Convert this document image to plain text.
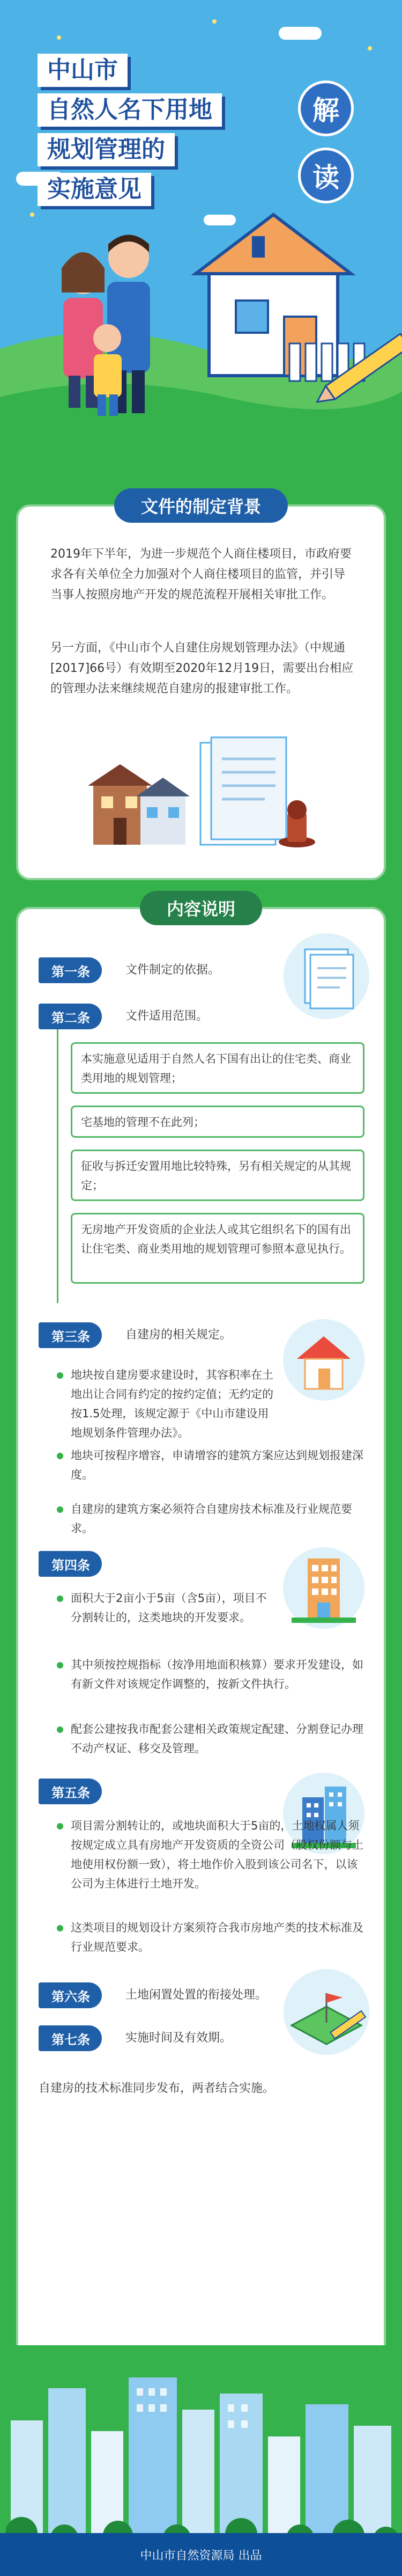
中山市
自然人名下用地
规划管理的
实施意见
解
读
文件的制定背景
2019年下半年，为进一步规范个人商住楼项目，市政府要求各有关单位全力加强对个人商住楼项目的监管，并引导当事人按照房地产开发的规范流程开展相关审批工作。
另一方面，《中山市个人自建住房规划管理办法》（中规通[2017]66号）有效期至2020年12月19日，需要出台相应的管理办法来继续规范自建房的报建审批工作。
内容说明
第一条	文件制定的依据。
第二条	文件适用范围。
本实施意见适用于自然人名下国有出让的住宅类、商业类用地的规划管理；
宅基地的管理不在此列；
征收与拆迁安置用地比较特殊，另有相关规定的从其规定；
无房地产开发资质的企业法人或其它组织名下的国有出让住宅类、商业类用地的规划管理可参照本意见执行。
第三条	自建房的相关规定。
地块按自建房要求建设时，其容积率在土地出让合同有约定的按约定值；无约定的按1.5处理，该规定源于《中山市建设用地规划条件管理办法》。
地块可按程序增容，申请增容的建筑方案应达到规划报建深度。
自建房的建筑方案必须符合自建房技术标准及行业规范要求。
第四条
面积大于2亩小于5亩（含5亩），项目不分割转让的，这类地块的开发要求。
其中须按控规指标（按净用地面积核算）要求开发建设，如有新文件对该规定作调整的，按新文件执行。
配套公建按我市配套公建相关政策规定配建、分割登记办理不动产权证、移交及管理。
第五条
项目需分割转让的，或地块面积大于5亩的，土地权属人须按规定成立具有房地产开发资质的全资公司（股权份额与土地使用权份额一致），将土地作价入股到该公司名下，以该公司为主体进行土地开发。
这类项目的规划设计方案须符合我市房地产类的技术标准及行业规范要求。
第六条	土地闲置处置的衔接处理。
第七条	实施时间及有效期。
自建房的技术标准同步发布，两者结合实施。
中山市自然资源局 出品
